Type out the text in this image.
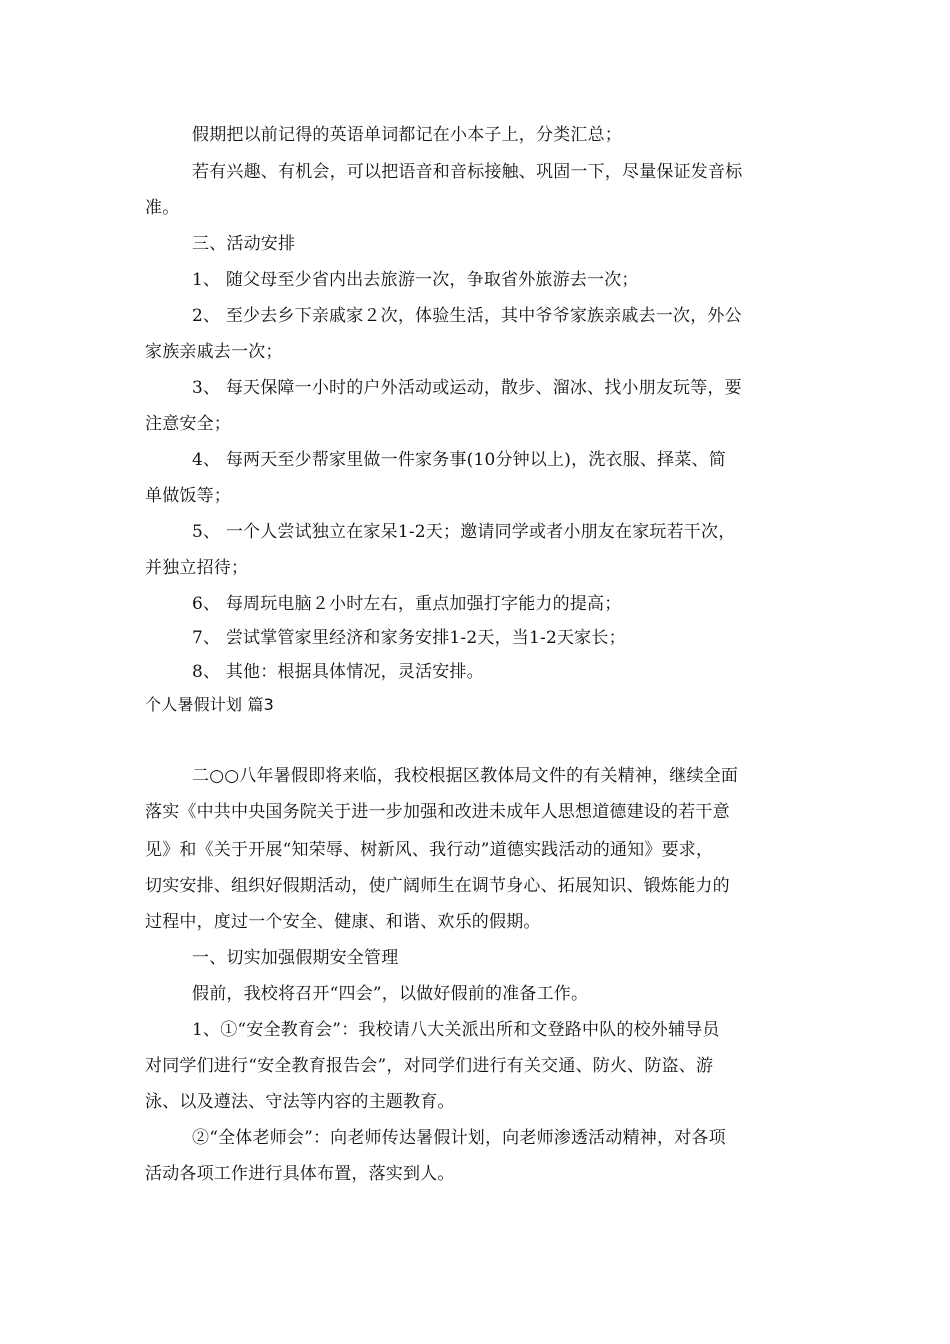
假期把以前记得的英语单词都记在小本子上，分类汇总；
若有兴趣、有机会，可以把语音和音标接触、巩固一下，尽量保证发音标
准。
三、活动安排
1、 随父母至少省内出去旅游一次，争取省外旅游去一次；
2、 至少去乡下亲戚家２次，体验生活，其中爷爷家族亲戚去一次，外公
家族亲戚去一次；
3、 每天保障一小时的户外活动或运动，散步、溜冰、找小朋友玩等，要
注意安全；
4、 每两天至少帮家里做一件家务事(10分钟以上)，洗衣服、择菜、简
单做饭等；
5、 一个人尝试独立在家呆1-2天；邀请同学或者小朋友在家玩若干次，
并独立招待；
6、 每周玩电脑２小时左右，重点加强打字能力的提高；
7、 尝试掌管家里经济和家务安排1-2天，当1-2天家长；
8、 其他：根据具体情况，灵活安排。
个人暑假计划 篇3
二○○八年暑假即将来临，我校根据区教体局文件的有关精神，继续全面
落实《中共中央国务院关于进一步加强和改进未成年人思想道德建设的若干意
见》和《关于开展“知荣辱、树新风、我行动”道德实践活动的通知》要求，
切实安排、组织好假期活动，使广阔师生在调节身心、拓展知识、锻炼能力的
过程中，度过一个安全、健康、和谐、欢乐的假期。
一、切实加强假期安全管理
假前，我校将召开“四会”，以做好假前的准备工作。
1、①“安全教育会”：我校请八大关派出所和文登路中队的校外辅导员
对同学们进行“安全教育报告会”，对同学们进行有关交通、防火、防盗、游
泳、以及遵法、守法等内容的主题教育。
②“全体老师会”：向老师传达暑假计划，向老师渗透活动精神，对各项
活动各项工作进行具体布置，落实到人。
